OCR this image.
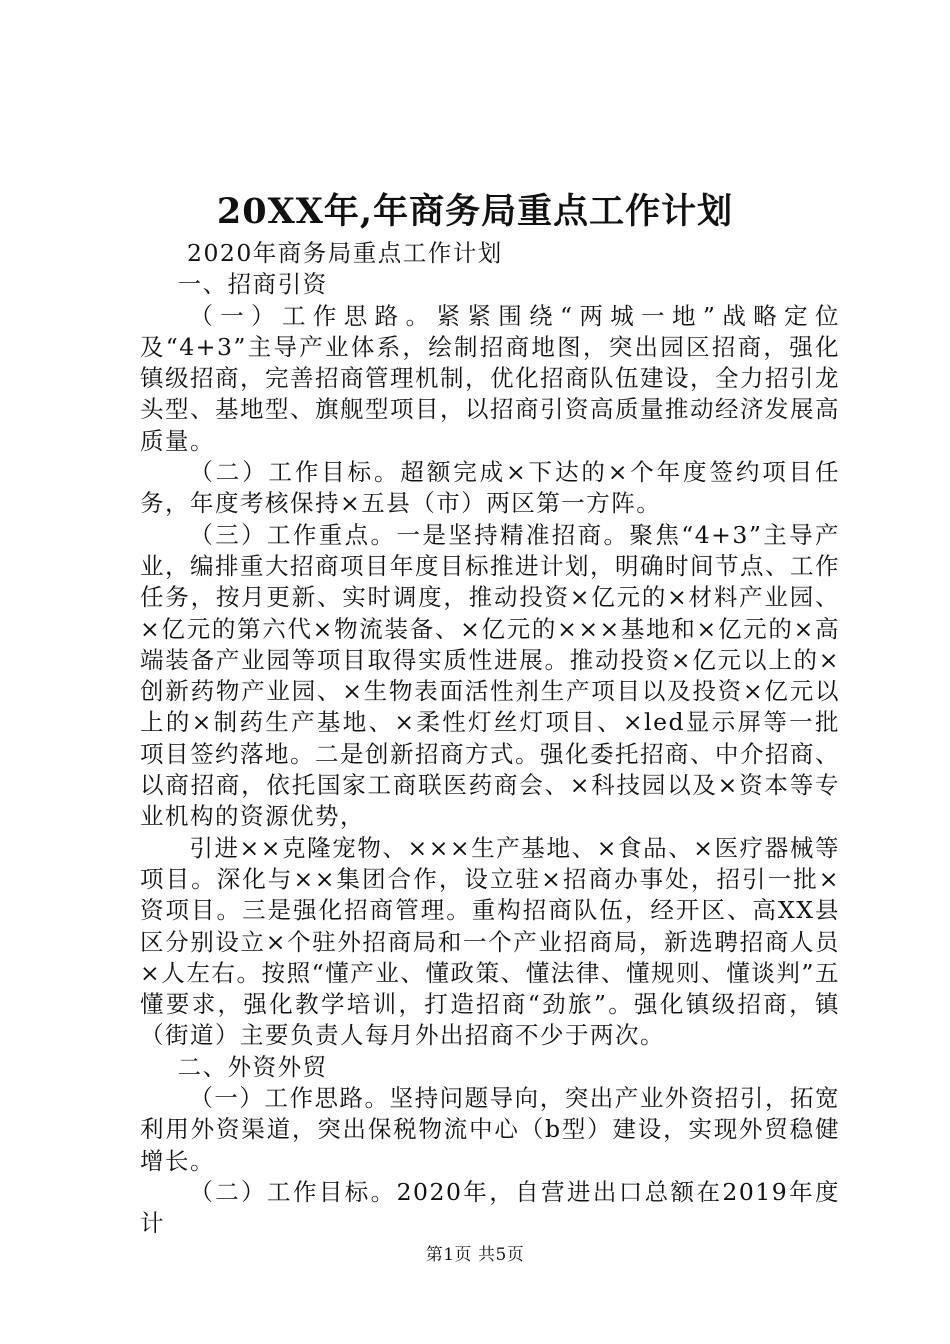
20XX年,年商务局重点工作计划

2020年商务局重点工作计划

一、招商引资

（一）工作思路。紧紧围绕“两城一地”战略定位及“4+3”主导产业体系，绘制招商地图，突出园区招商，强化镇级招商，完善招商管理机制，优化招商队伍建设，全力招引龙头型、基地型、旗舰型项目，以招商引资高质量推动经济发展高质量。

（二）工作目标。超额完成×下达的×个年度签约项目任务，年度考核保持×五县（市）两区第一方阵。

（三）工作重点。一是坚持精准招商。聚焦“4+3”主导产业，编排重大招商项目年度目标推进计划，明确时间节点、工作任务，按月更新、实时调度，推动投资×亿元的×材料产业园、×亿元的第六代×物流装备、×亿元的×××基地和×亿元的×高端装备产业园等项目取得实质性进展。推动投资×亿元以上的×创新药物产业园、×生物表面活性剂生产项目以及投资×亿元以上的×制药生产基地、×柔性灯丝灯项目、×led显示屏等一批项目签约落地。二是创新招商方式。强化委托招商、中介招商、以商招商，依托国家工商联医药商会、×科技园以及×资本等专业机构的资源优势，

引进××克隆宠物、×××生产基地、×食品、×医疗器械等项目。深化与××集团合作，设立驻×招商办事处，招引一批×资项目。三是强化招商管理。重构招商队伍，经开区、高XX县区分别设立×个驻外招商局和一个产业招商局，新选聘招商人员×人左右。按照“懂产业、懂政策、懂法律、懂规则、懂谈判”五懂要求，强化教学培训，打造招商“劲旅”。强化镇级招商，镇（街道）主要负责人每月外出招商不少于两次。

二、外资外贸

（一）工作思路。坚持问题导向，突出产业外资招引，拓宽利用外资渠道，突出保税物流中心（b型）建设，实现外贸稳健增长。

（二）工作目标。2020年，自营进出口总额在2019年度计

第1页 共5页
